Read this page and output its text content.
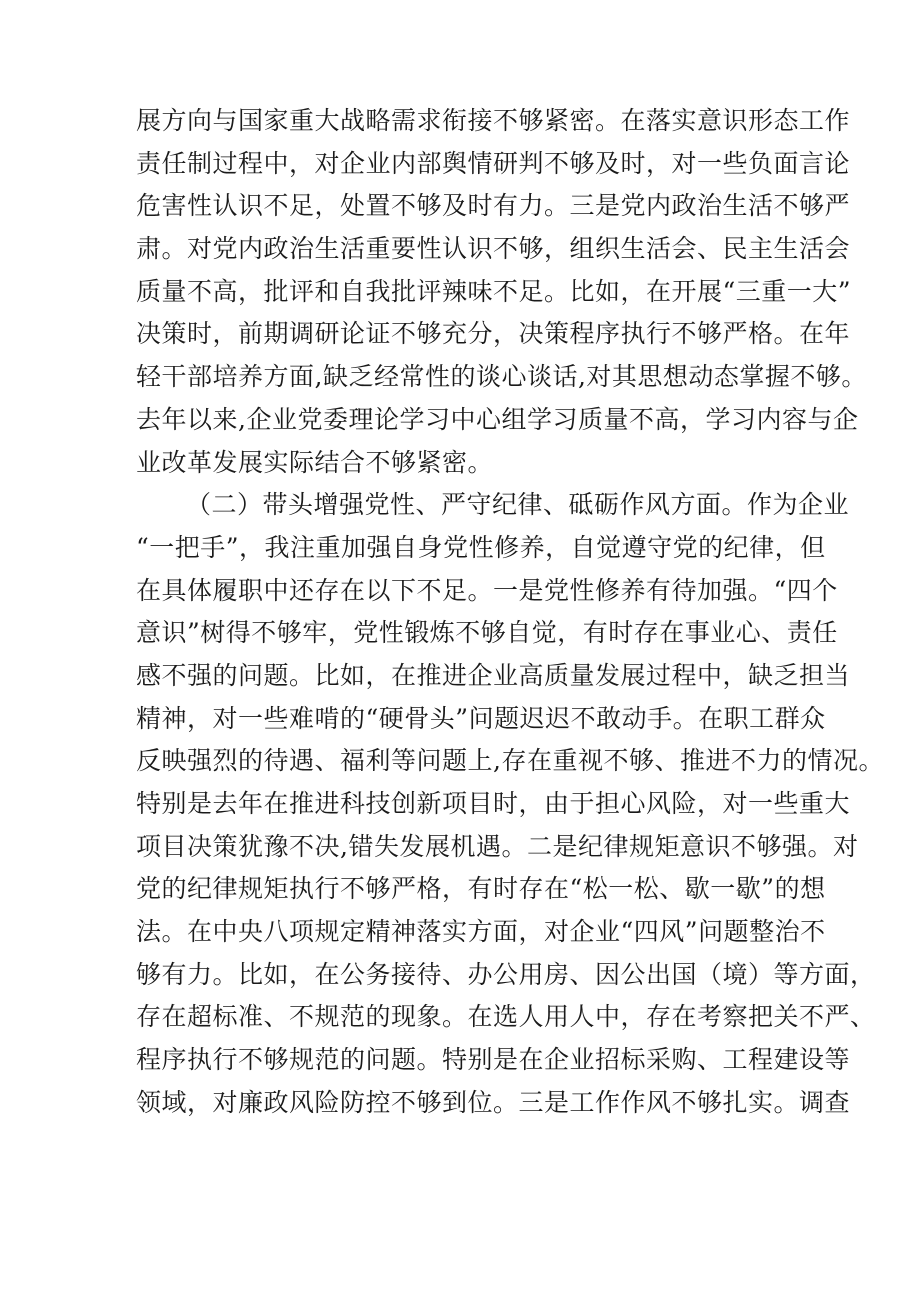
展方向与国家重大战略需求衔接不够紧密。在落实意识形态工作
责任制过程中，对企业内部舆情研判不够及时，对一些负面言论
危害性认识不足，处置不够及时有力。三是党内政治生活不够严
肃。对党内政治生活重要性认识不够，组织生活会、民主生活会
质量不高，批评和自我批评辣味不足。比如，在开展“三重一大”
决策时，前期调研论证不够充分，决策程序执行不够严格。在年
轻干部培养方面,缺乏经常性的谈心谈话,对其思想动态掌握不够。
去年以来,企业党委理论学习中心组学习质量不高，学习内容与企
业改革发展实际结合不够紧密。
（二）带头增强党性、严守纪律、砥砺作风方面。作为企业
“一把手”，我注重加强自身党性修养，自觉遵守党的纪律，但
在具体履职中还存在以下不足。一是党性修养有待加强。“四个
意识”树得不够牢，党性锻炼不够自觉，有时存在事业心、责任
感不强的问题。比如，在推进企业高质量发展过程中，缺乏担当
精神，对一些难啃的“硬骨头”问题迟迟不敢动手。在职工群众
反映强烈的待遇、福利等问题上,存在重视不够、推进不力的情况。
特别是去年在推进科技创新项目时，由于担心风险，对一些重大
项目决策犹豫不决,错失发展机遇。二是纪律规矩意识不够强。对
党的纪律规矩执行不够严格，有时存在“松一松、歇一歇”的想
法。在中央八项规定精神落实方面，对企业“四风”问题整治不
够有力。比如，在公务接待、办公用房、因公出国（境）等方面，
存在超标准、不规范的现象。在选人用人中，存在考察把关不严、
程序执行不够规范的问题。特别是在企业招标采购、工程建设等
领域，对廉政风险防控不够到位。三是工作作风不够扎实。调查
